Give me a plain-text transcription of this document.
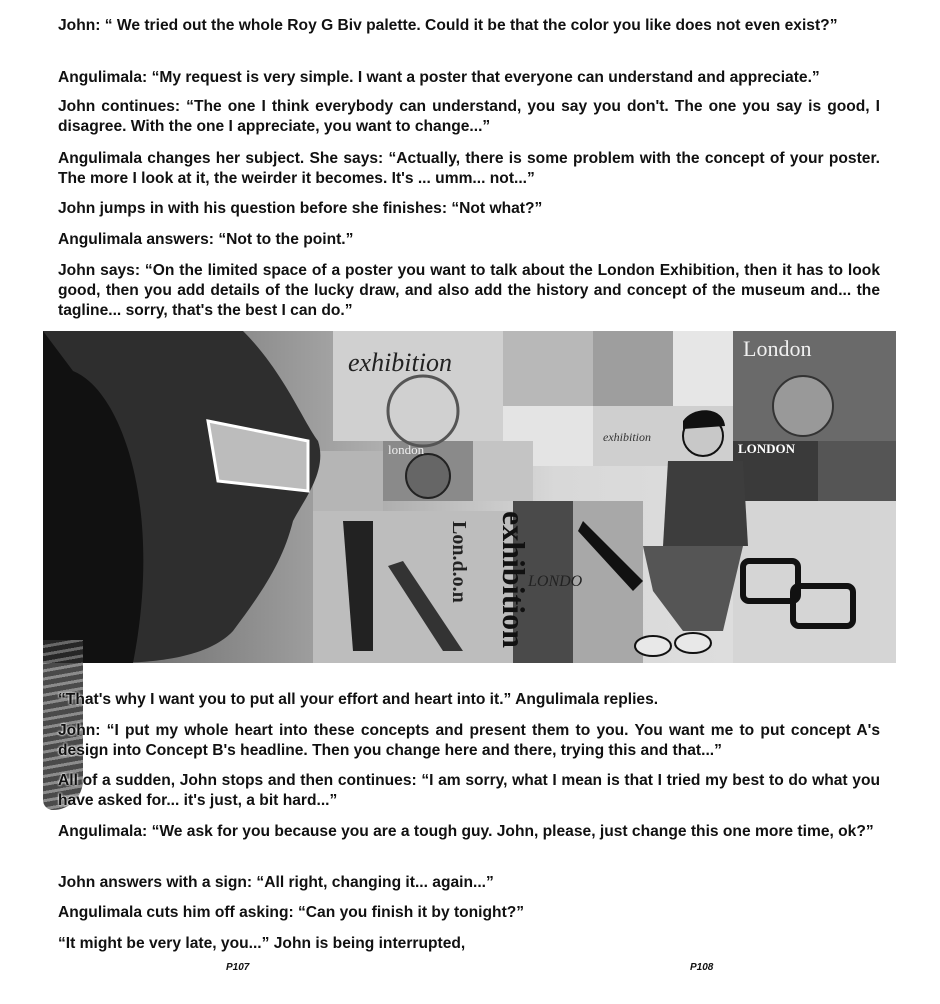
John: “ We tried out the whole Roy G Biv palette. Could it be that the color you like does not even exist?”

Angulimala: “My request is very simple. I want a poster that everyone can understand and appreciate.”

John continues: “The one I think everybody can understand, you say you don't. The one you say is good, I disagree. With the one I appreciate, you want to change...”

Angulimala changes her subject. She says: “Actually, there is some problem with the concept of your poster. The more I look at it, the weirder it becomes. It's ... umm... not...”

John jumps in with his question before she finishes: “Not what?”

Angulimala answers: “Not to the point.”

John says: “On the limited space of a poster you want to talk about the London Exhibition, then it has to look good, then you add details of the lucky draw, and also add the history and concept of the museum and... the tagline... sorry, that's the best I can do.”

exhibition	London
LONDON
london
exhibition
exhibition
Lon.d.o.n	LONDO

“That's why I want you to put all your effort and heart into it.” Angulimala replies.

John: “I put my whole heart into these concepts and present them to you. You want me to put concept A's design into Concept B's headline. Then you change here and there, trying this and that...”

All of a sudden, John stops and then continues: “I am sorry, what I mean is that I tried my best to do what you have asked for... it's just, a bit hard...”

Angulimala: “We ask for you because you are a tough guy. John, please, just change this one more time, ok?”

John answers with a sign: “All right, changing it... again...”

Angulimala cuts him off asking: “Can you finish it by tonight?”

“It might be very late, you...” John is being interrupted,

P107	P108
